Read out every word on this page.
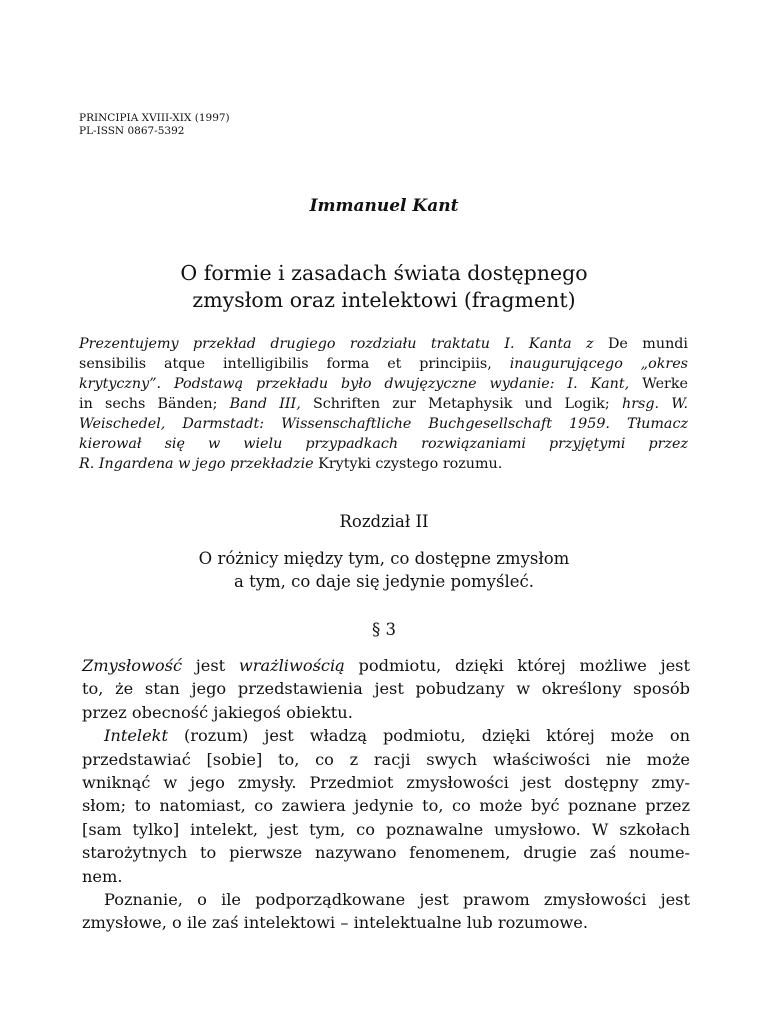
PRINCIPIA XVIII-XIX (1997)
PL-ISSN 0867-5392
Immanuel Kant
O formie i zasadach świata dostępnego
zmysłom oraz intelektowi (fragment)
Prezentujemy przekład drugiego rozdziału traktatu I. Kanta z De mundi
sensibilis atque intelligibilis forma et principiis, inaugurującego „okres
krytyczny”. Podstawą przekładu było dwujęzyczne wydanie: I. Kant, Werke
in sechs Bänden; Band III, Schriften zur Metaphysik und Logik; hrsg. W.
Weischedel, Darmstadt: Wissenschaftliche Buchgesellschaft 1959. Tłumacz
kierował się w wielu przypadkach rozwiązaniami przyjętymi przez
R. Ingardena w jego przekładzie Krytyki czystego rozumu.
Rozdział II
O różnicy między tym, co dostępne zmysłom
a tym, co daje się jedynie pomyśleć.
§ 3
Zmysłowość jest wrażliwością podmiotu, dzięki której możliwe jest
to, że stan jego przedstawienia jest pobudzany w określony sposób
przez obecność jakiegoś obiektu.
Intelekt (rozum) jest władzą podmiotu, dzięki której może on
przedstawiać [sobie] to, co z racji swych właściwości nie może
wniknąć w jego zmysły. Przedmiot zmysłowości jest dostępny zmy-
słom; to natomiast, co zawiera jedynie to, co może być poznane przez
[sam tylko] intelekt, jest tym, co poznawalne umysłowo. W szkołach
starożytnych to pierwsze nazywano fenomenem, drugie zaś noume-
nem.
Poznanie, o ile podporządkowane jest prawom zmysłowości jest
zmysłowe, o ile zaś intelektowi – intelektualne lub rozumowe.
